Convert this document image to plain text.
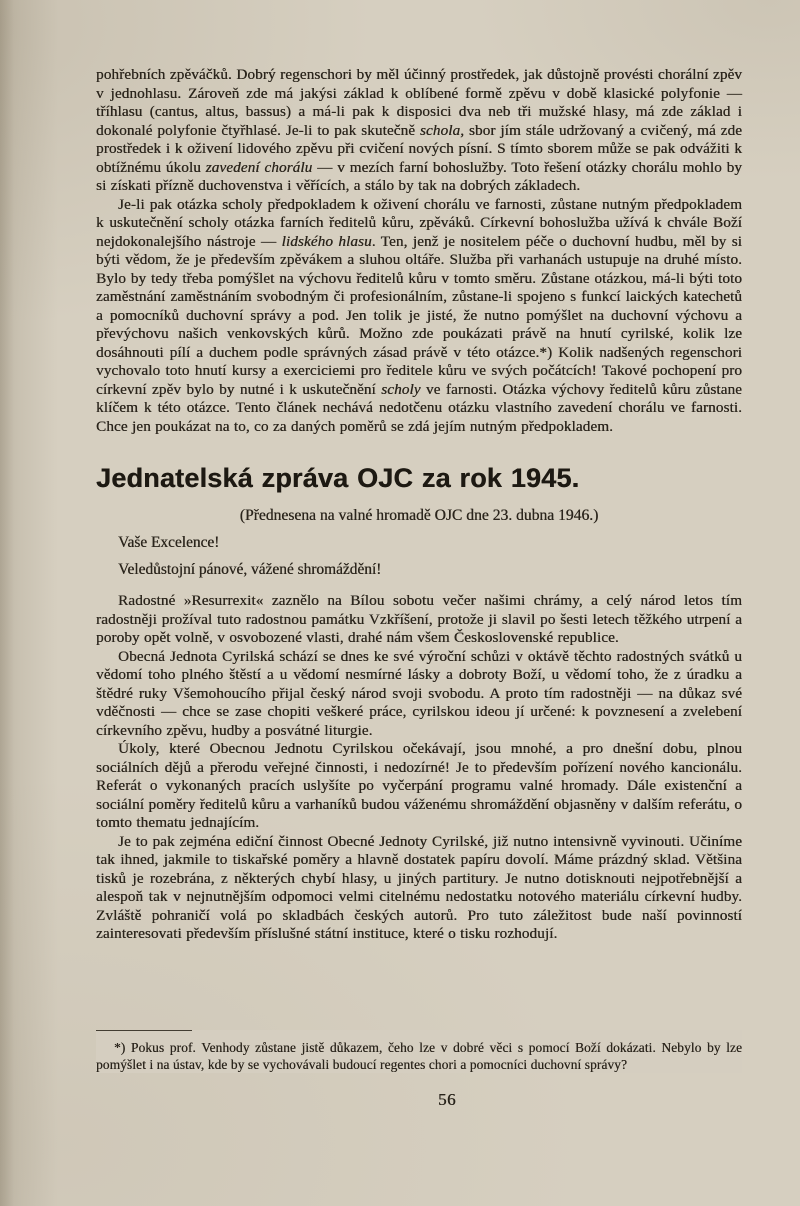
pohřebních zpěváčků. Dobrý regenschori by měl účinný prostředek, jak důstojně provésti chorální zpěv v jednohlasu. Zároveň zde má jakýsi základ k oblíbené formě zpěvu v době klasické polyfonie — tříhlasu (cantus, altus, bassus) a má-li pak k disposici dva neb tři mužské hlasy, má zde základ i dokonalé polyfonie čtyřhlasé. Je-li to pak skutečně schola, sbor jím stále udržovaný a cvičený, má zde prostředek i k oživení lidového zpěvu při cvičení nových písní. S tímto sborem může se pak odvážiti k obtížnému úkolu zavedení chorálu — v mezích farní bohoslužby. Toto řešení otázky chorálu mohlo by si získati přízně duchovenstva i věřících, a stálo by tak na dobrých základech.

Je-li pak otázka scholy předpokladem k oživení chorálu ve farnosti, zůstane nutným předpokladem k uskutečnění scholy otázka farních ředitelů kůru, zpěváků. Církevní bohoslužba užívá k chvále Boží nejdokonalejšího nástroje — lidského hlasu. Ten, jenž je nositelem péče o duchovní hudbu, měl by si býti vědom, že je především zpěvákem a sluhou oltáře. Služba při varhanách ustupuje na druhé místo. Bylo by tedy třeba pomýšlet na výchovu ředitelů kůru v tomto směru. Zůstane otázkou, má-li býti toto zaměstnání zaměstnáním svobodným či profesionálním, zůstane-li spojeno s funkcí laických katechetů a pomocníků duchovní správy a pod. Jen tolik je jisté, že nutno pomýšlet na duchovní výchovu a převýchovu našich venkovských kůrů. Možno zde poukázati právě na hnutí cyrilské, kolik lze dosáhnouti pílí a duchem podle správných zásad právě v této otázce.*) Kolik nadšených regenschori vychovalo toto hnutí kursy a exerciciemi pro ředitele kůru ve svých počátcích! Takové pochopení pro církevní zpěv bylo by nutné i k uskutečnění scholy ve farnosti. Otázka výchovy ředitelů kůru zůstane klíčem k této otázce. Tento článek nechává nedotčenu otázku vlastního zavedení chorálu ve farnosti. Chce jen poukázat na to, co za daných poměrů se zdá jejím nutným předpokladem.

Jednatelská zpráva OJC za rok 1945.

(Přednesena na valné hromadě OJC dne 23. dubna 1946.)

Vaše Excelence!

Veledůstojní pánové, vážené shromáždění!

Radostné »Resurrexit« zaznělo na Bílou sobotu večer našimi chrámy, a celý národ letos tím radostněji prožíval tuto radostnou památku Vzkříšení, protože ji slavil po šesti letech těžkého utrpení a poroby opět volně, v osvobozené vlasti, drahé nám všem Československé republice.

Obecná Jednota Cyrilská schází se dnes ke své výroční schůzi v oktávě těchto radostných svátků u vědomí toho plného štěstí a u vědomí nesmírné lásky a dobroty Boží, u vědomí toho, že z úradku a štědré ruky Všemohoucího přijal český národ svoji svobodu. A proto tím radostněji — na důkaz své vděčnosti — chce se zase chopiti veškeré práce, cyrilskou ideou jí určené: k povznesení a zvelebení církevního zpěvu, hudby a posvátné liturgie.

Úkoly, které Obecnou Jednotu Cyrilskou očekávají, jsou mnohé, a pro dnešní dobu, plnou sociálních dějů a přerodu veřejné činnosti, i nedozírné! Je to především pořízení nového kancionálu. Referát o vykonaných pracích uslyšíte po vyčerpání programu valné hromady. Dále existenční a sociální poměry ředitelů kůru a varhaníků budou váženému shromáždění objasněny v dalším referátu, o tomto thematu jednajícím.

Je to pak zejména ediční činnost Obecné Jednoty Cyrilské, již nutno intensivně vyvinouti. Učiníme tak ihned, jakmile to tiskařské poměry a hlavně dostatek papíru dovolí. Máme prázdný sklad. Většina tisků je rozebrána, z některých chybí hlasy, u jiných partitury. Je nutno dotisknouti nejpotřebnější a alespoň tak v nejnutnějším odpomoci velmi citelnému nedostatku notového materiálu církevní hudby. Zvláště pohraničí volá po skladbách českých autorů. Pro tuto záležitost bude naší povinností zainteresovati především příslušné státní instituce, které o tisku rozhodují.

*) Pokus prof. Venhody zůstane jistě důkazem, čeho lze v dobré věci s pomocí Boží dokázati. Nebylo by lze pomýšlet i na ústav, kde by se vychovávali budoucí regentes chori a pomocníci duchovní správy?

56
